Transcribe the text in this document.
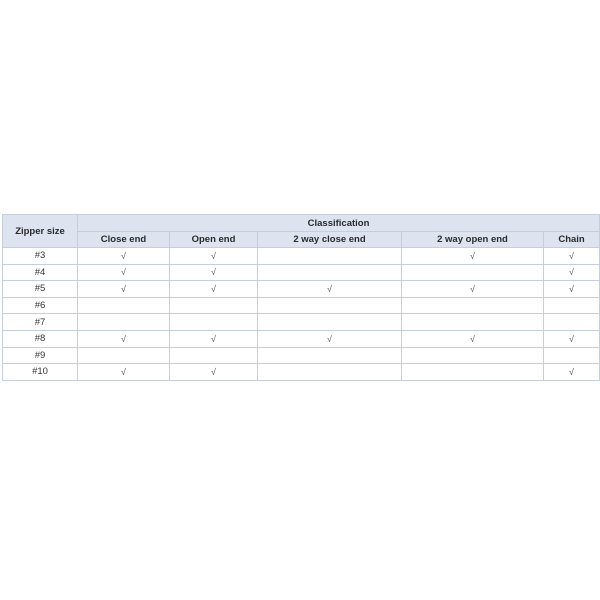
Zipper size	Classification				
	Close end	Open end	2 way close end	2 way open end	Chain
#3	√	√		√	√
#4	√	√			√
#5	√	√	√	√	√
#6					
#7					
#8	√	√	√	√	√
#9					
#10	√	√			√
